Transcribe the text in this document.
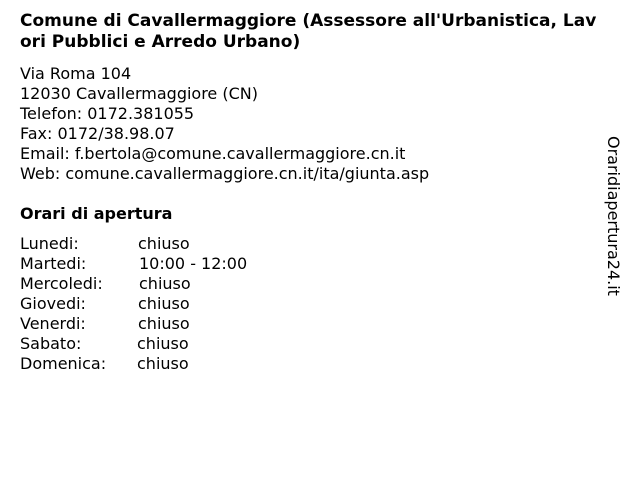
Comune di Cavallermaggiore (Assessore all'Urbanistica, Lavori Pubblici e Arredo Urbano)
Via Roma 104
12030 Cavallermaggiore (CN)
Telefon: 0172.381055
Fax: 0172/38.98.07
Email: f.bertola@comune.cavallermaggiore.cn.it
Web: comune.cavallermaggiore.cn.it/ita/giunta.asp
Orari di apertura
Lunedi:	chiuso
Martedi:	10:00 - 12:00
Mercoledi: chiuso
Giovedi:	chiuso
Venerdi:	chiuso
Sabato:	chiuso
Domenica: chiuso
Oraridiapertura24.it
